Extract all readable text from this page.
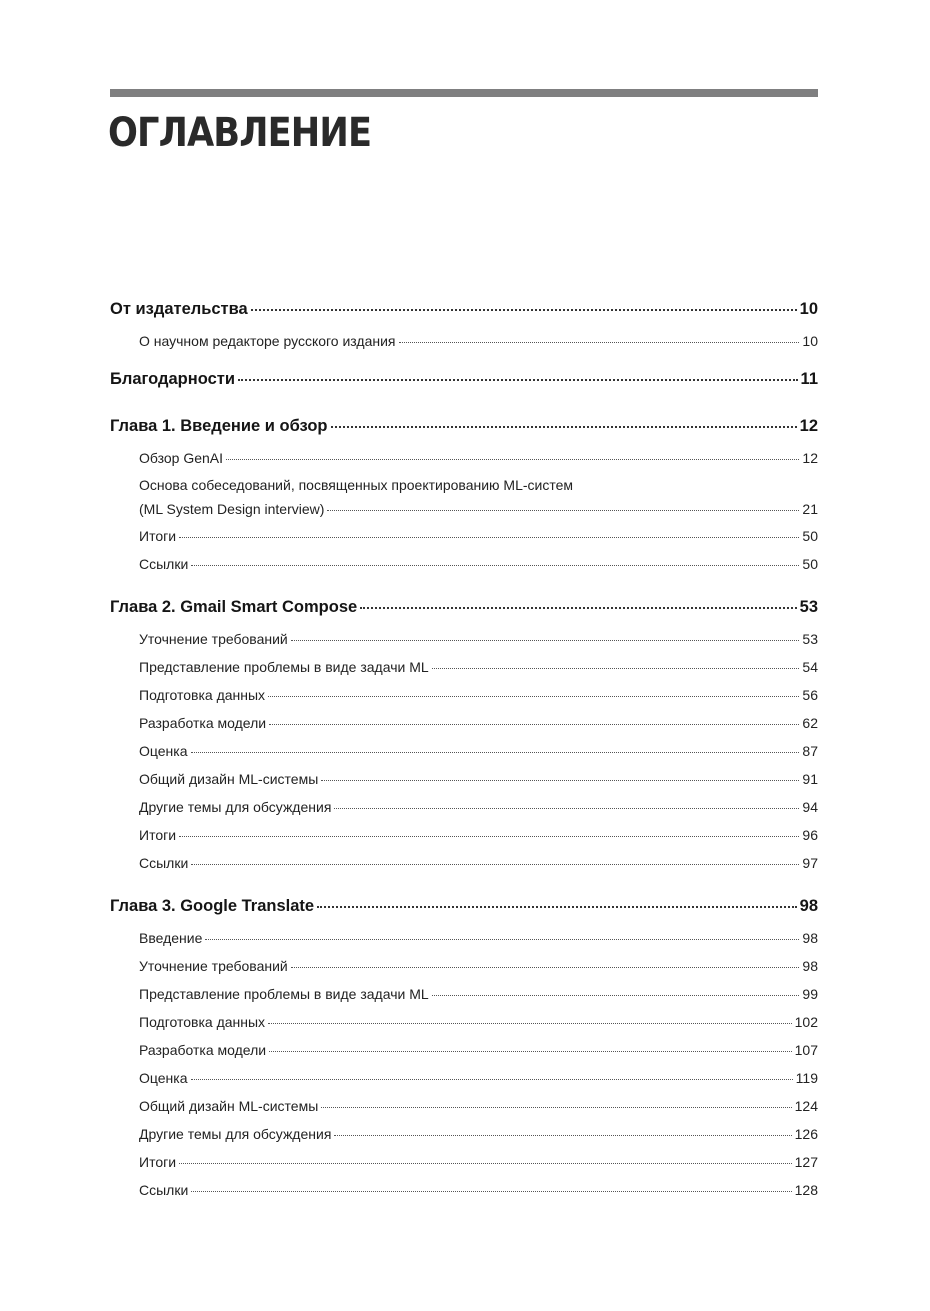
ОГЛАВЛЕНИЕ
От издательства	10
О научном редакторе русского издания	10
Благодарности	11
Глава 1. Введение и обзор	12
Обзор GenAI	12
Основа собеседований, посвященных проектированию ML-систем
(ML System Design interview)	21
Итоги	50
Ссылки	50
Глава 2. Gmail Smart Compose	53
Уточнение требований	53
Представление проблемы в виде задачи ML	54
Подготовка данных	56
Разработка модели	62
Оценка	87
Общий дизайн ML-системы	91
Другие темы для обсуждения	94
Итоги	96
Ссылки	97
Глава 3. Google Translate	98
Введение	98
Уточнение требований	98
Представление проблемы в виде задачи ML	99
Подготовка данных	102
Разработка модели	107
Оценка	119
Общий дизайн ML-системы	124
Другие темы для обсуждения	126
Итоги	127
Ссылки	128
